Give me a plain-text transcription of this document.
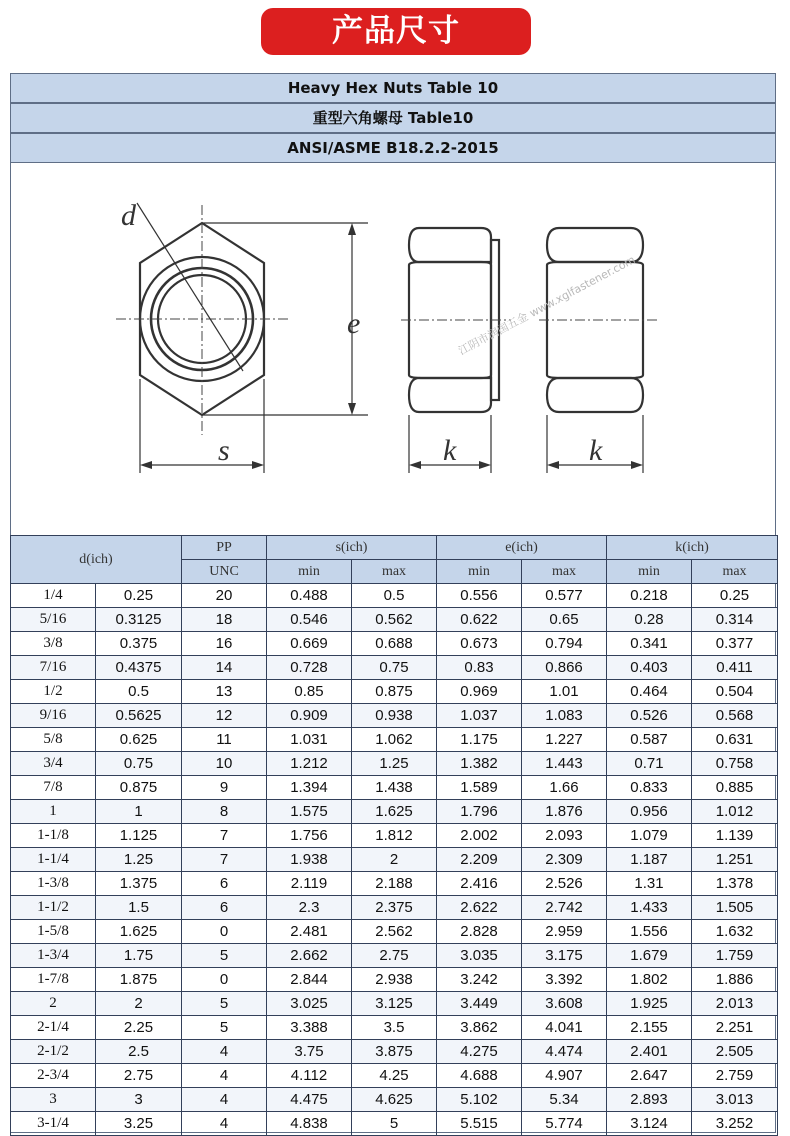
产品尺寸
Heavy Hex Nuts Table 10
重型六角螺母 Table10
ANSI/ASME B18.2.2-2015
d
e
s	k	k
江阴市润国五金 www.xglfastener.com
d(ich)		PP	s(ich)		e(ich)		k(ich)	
		UNC	min	max	min	max	min	max
1/4	0.25	20	0.488	0.5	0.556	0.577	0.218	0.25
5/16	0.3125	18	0.546	0.562	0.622	0.65	0.28	0.314
3/8	0.375	16	0.669	0.688	0.673	0.794	0.341	0.377
7/16	0.4375	14	0.728	0.75	0.83	0.866	0.403	0.411
1/2	0.5	13	0.85	0.875	0.969	1.01	0.464	0.504
9/16	0.5625	12	0.909	0.938	1.037	1.083	0.526	0.568
5/8	0.625	11	1.031	1.062	1.175	1.227	0.587	0.631
3/4	0.75	10	1.212	1.25	1.382	1.443	0.71	0.758
7/8	0.875	9	1.394	1.438	1.589	1.66	0.833	0.885
1	1	8	1.575	1.625	1.796	1.876	0.956	1.012
1-1/8	1.125	7	1.756	1.812	2.002	2.093	1.079	1.139
1-1/4	1.25	7	1.938	2	2.209	2.309	1.187	1.251
1-3/8	1.375	6	2.119	2.188	2.416	2.526	1.31	1.378
1-1/2	1.5	6	2.3	2.375	2.622	2.742	1.433	1.505
1-5/8	1.625	0	2.481	2.562	2.828	2.959	1.556	1.632
1-3/4	1.75	5	2.662	2.75	3.035	3.175	1.679	1.759
1-7/8	1.875	0	2.844	2.938	3.242	3.392	1.802	1.886
2	2	5	3.025	3.125	3.449	3.608	1.925	2.013
2-1/4	2.25	5	3.388	3.5	3.862	4.041	2.155	2.251
2-1/2	2.5	4	3.75	3.875	4.275	4.474	2.401	2.505
2-3/4	2.75	4	4.112	4.25	4.688	4.907	2.647	2.759
3	3	4	4.475	4.625	5.102	5.34	2.893	3.013
3-1/4	3.25	4	4.838	5	5.515	5.774	3.124	3.252
